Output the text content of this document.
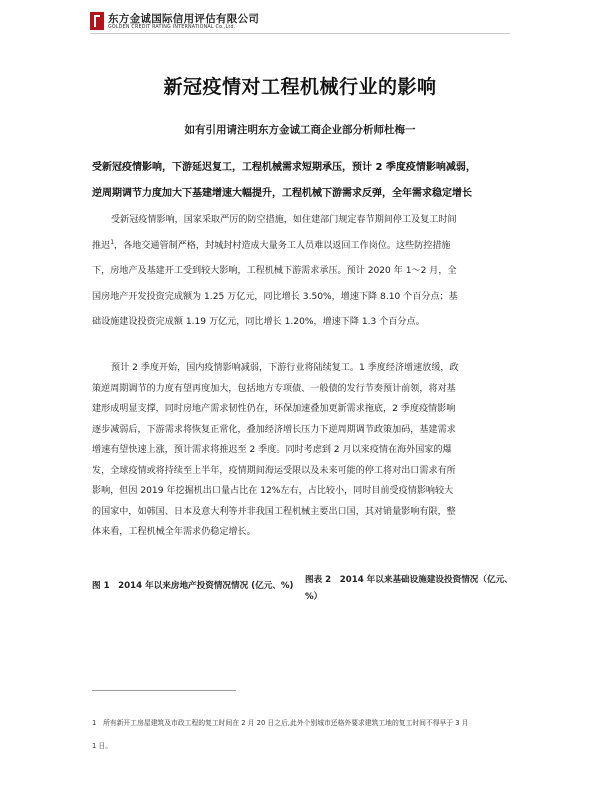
东方金诚国际信用评估有限公司
GOLDEN CREDIT RATING INTERNATIONAL Co.,Ltd.
新冠疫情对工程机械行业的影响
如有引用请注明东方金诚工商企业部分析师杜梅一
受新冠疫情影响，下游延迟复工，工程机械需求短期承压，预计 2 季度疫情影响减弱，
逆周期调节力度加大下基建增速大幅提升，工程机械下游需求反弹，全年需求稳定增长
受新冠疫情影响，国家采取严厉的防空措施，如住建部门规定春节期间停工及复工时间
推迟$^1$，各地交通管制严格，封城封村造成大量务工人员难以返回工作岗位。这些防控措施
下，房地产及基建开工受到较大影响，工程机械下游需求承压。预计 2020 年 1～2 月，全
国房地产开发投资完成额为 1.25 万亿元，同比增长 3.50%，增速下降 8.10 个百分点；基
础设施建设投资完成额 1.19 万亿元，同比增长 1.20%，增速下降 1.3 个百分点。
预计 2 季度开始，国内疫情影响减弱，下游行业将陆续复工。1 季度经济增速放缓，政
策逆周期调节的力度有望再度加大，包括地方专项债、一般债的发行节奏预计前领，将对基
建形成明显支撑，同时房地产需求韧性仍在，环保加速叠加更新需求拖底，2 季度疫情影响
逐步减弱后，下游需求将恢复正常化，叠加经济增长压力下逆周期调节政策加码，基建需求
增速有望快速上涨，预计需求将推迟至 2 季度。同时考虑到 2 月以来疫情在海外国家的爆
发，全球疫情或将持续至上半年，疫情期间海运受限以及未来可能的停工将对出口需求有所
影响，但因 2019 年挖掘机出口量占比在 12%左右，占比较小，同时目前受疫情影响较大
的国家中，如韩国、日本及意大利等并非我国工程机械主要出口国，其对销量影响有限，整
体来看，工程机械全年需求仍稳定增长。
图 1　2014 年以来房地产投资情况情况 (亿元、%)
图表 2　2014 年以来基础设施建设投资情况（亿元、%）
1　所有新开工房屋建筑及市政工程的复工时间在 2 月 20 日之后,此外个别城市还格外要求建筑工地的复工时间不得早于 3 月
1 日。
